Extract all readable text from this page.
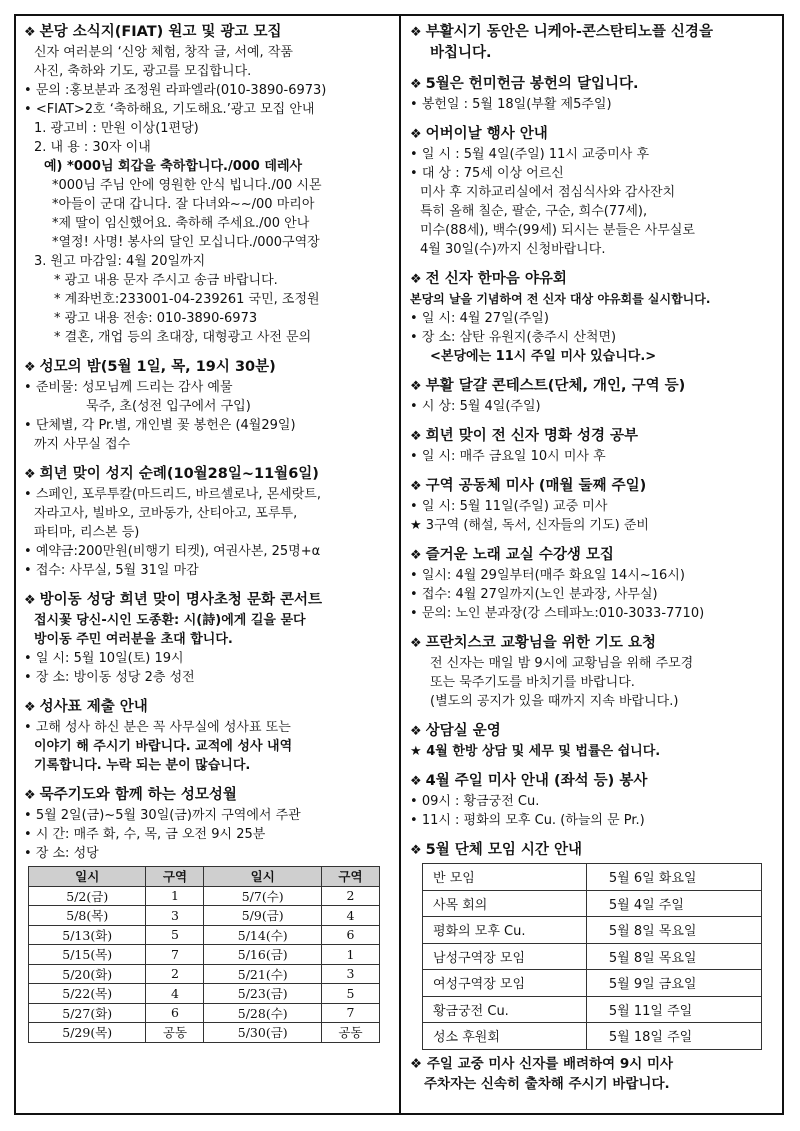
❖ 본당 소식지(FIAT) 원고 및 광고 모집
신자 여러분의 ‘신앙 체험, 창작 글, 서예, 작품
사진, 축하와 기도, 광고를 모집합니다.
• 문의 :홍보분과 조정원 라파엘라(010-3890-6973)
• <FIAT>2호 ‘축하해요, 기도해요.’광고 모집 안내
1. 광고비 : 만원 이상(1편당)
2. 내 용 : 30자 이내
예) *000님 회갑을 축하합니다./000 데레사
*000님 주님 안에 영원한 안식 빕니다./00 시몬
*아들이 군대 갑니다. 잘 다녀와~~/00 마리아
*제 딸이 임신했어요. 축하해 주세요./00 안나
*열정! 사명! 봉사의 달인 모십니다./000구역장
3. 원고 마감일: 4월 20일까지
* 광고 내용 문자 주시고 송금 바랍니다.
* 계좌번호:233001-04-239261 국민, 조정원
* 광고 내용 전송: 010-3890-6973
* 결혼, 개업 등의 초대장, 대형광고 사전 문의
❖ 성모의 밤(5월 1일, 목, 19시 30분)
• 준비물: 성모님께 드리는 감사 예물
묵주, 초(성전 입구에서 구입)
• 단체별, 각 Pr.별, 개인별 꽃 봉헌은 (4월29일)
까지 사무실 접수
❖ 희년 맞이 성지 순례(10월28일~11월6일)
• 스페인, 포루투칼(마드리드, 바르셀로나, 몬세랏트,
자라고사, 빌바오, 코바동가, 산티아고, 포루투,
파티마, 리스본 등)
• 예약금:200만원(비행기 티켓), 여권사본, 25명+α
• 접수: 사무실, 5월 31일 마감
❖ 방이동 성당 희년 맞이 명사초청 문화 콘서트
접시꽃 당신-시인 도종환: 시(詩)에게 길을 묻다
방이동 주민 여러분을 초대 합니다.
• 일 시: 5월 10일(토) 19시
• 장 소: 방이동 성당 2층 성전
❖ 성사표 제출 안내
• 고해 성사 하신 분은 꼭 사무실에 성사표 또는
이야기 해 주시기 바랍니다. 교적에 성사 내역
기록합니다. 누락 되는 분이 많습니다.
❖ 묵주기도와 함께 하는 성모성월
• 5월 2일(금)~5월 30일(금)까지 구역에서 주관
• 시 간: 매주 화, 수, 목, 금 오전 9시 25분
• 장 소: 성당
일시	구역	일시	구역
5/2(금)	1	5/7(수)	2
5/8(목)	3	5/9(금)	4
5/13(화)	5	5/14(수)	6
5/15(목)	7	5/16(금)	1
5/20(화)	2	5/21(수)	3
5/22(목)	4	5/23(금)	5
5/27(화)	6	5/28(수)	7
5/29(목)	공동	5/30(금)	공동
❖ 부활시기 동안은 니케아-콘스탄티노플 신경을
바칩니다.
❖ 5월은 헌미헌금 봉헌의 달입니다.
• 봉헌일 : 5월 18일(부활 제5주일)
❖ 어버이날 행사 안내
• 일 시 : 5월 4일(주일) 11시 교중미사 후
• 대 상 : 75세 이상 어르신
미사 후 지하교리실에서 점심식사와 감사잔치
특히 올해 칠순, 팔순, 구순, 희수(77세),
미수(88세), 백수(99세) 되시는 분들은 사무실로
4월 30일(수)까지 신청바랍니다.
❖ 전 신자 한마음 야유회
본당의 날을 기념하여 전 신자 대상 야유회를 실시합니다.
• 일 시: 4월 27일(주일)
• 장 소: 삼탄 유원지(충주시 산척면)
<본당에는 11시 주일 미사 있습니다.>
❖ 부활 달걀 콘테스트(단체, 개인, 구역 등)
• 시 상: 5월 4일(주일)
❖ 희년 맞이 전 신자 명화 성경 공부
• 일 시: 매주 금요일 10시 미사 후
❖ 구역 공동체 미사 (매월 둘째 주일)
• 일 시: 5월 11일(주일) 교중 미사
★ 3구역 (해설, 독서, 신자들의 기도) 준비
❖ 즐거운 노래 교실 수강생 모집
• 일시: 4월 29일부터(매주 화요일 14시~16시)
• 접수: 4월 27일까지(노인 분과장, 사무실)
• 문의: 노인 분과장(강 스테파노:010-3033-7710)
❖ 프란치스코 교황님을 위한 기도 요청
전 신자는 매일 밤 9시에 교황님을 위해 주모경
또는 묵주기도를 바치기를 바랍니다.
(별도의 공지가 있을 때까지 지속 바랍니다.)
❖ 상담실 운영
★ 4월 한방 상담 및 세무 및 법률은 쉽니다.
❖ 4월 주일 미사 안내 (좌석 등) 봉사
• 09시 : 황금궁전 Cu.
• 11시 : 평화의 모후 Cu. (하늘의 문 Pr.)
❖ 5월 단체 모임 시간 안내
반 모임	5월 6일 화요일
사목 회의	5월 4일 주일
평화의 모후 Cu.	5월 8일 목요일
남성구역장 모임	5월 8일 목요일
여성구역장 모임	5월 9일 금요일
황금궁전 Cu.	5월 11일 주일
성소 후원회	5월 18일 주일
❖ 주일 교중 미사 신자를 배려하여 9시 미사
주차자는 신속히 출차해 주시기 바랍니다.
